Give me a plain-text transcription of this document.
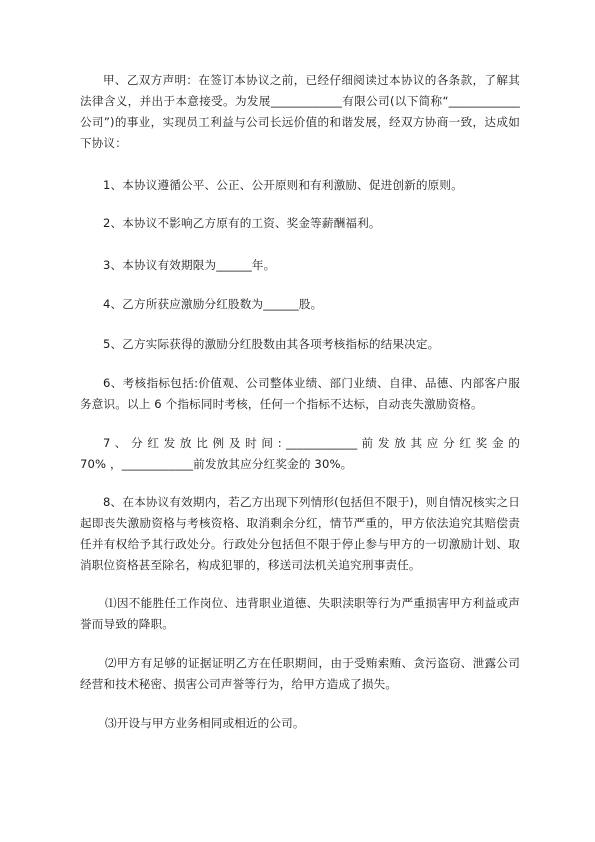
甲、乙双方声明：在签订本协议之前，已经仔细阅读过本协议的各条款，了解其法律含义，并出于本意接受。为发展____________有限公司(以下简称“____________公司”)的事业，实现员工利益与公司长远价值的和谐发展，经双方协商一致，达成如下协议：

1、本协议遵循公平、公正、公开原则和有利激励、促进创新的原则。

2、本协议不影响乙方原有的工资、奖金等薪酬福利。

3、本协议有效期限为______年。

4、乙方所获应激励分红股数为______股。

5、乙方实际获得的激励分红股数由其各项考核指标的结果决定。

6、考核指标包括:价值观、公司整体业绩、部门业绩、自律、品德、内部客户服务意识。以上 6 个指标同时考核，任何一个指标不达标，自动丧失激励资格。

7 、 分 红 发 放 比 例 及 时 间 : ____________ 前 发 放 其 应 分 红 奖 金 的 70% ，____________前发放其应分红奖金的 30%。

8、在本协议有效期内，若乙方出现下列情形(包括但不限于)，则自情况核实之日起即丧失激励资格与考核资格、取消剩余分红，情节严重的，甲方依法追究其赔偿责任并有权给予其行政处分。行政处分包括但不限于停止参与甲方的一切激励计划、取消职位资格甚至除名，构成犯罪的，移送司法机关追究刑事责任。

⑴因不能胜任工作岗位、违背职业道德、失职渎职等行为严重损害甲方利益或声誉而导致的降职。

⑵甲方有足够的证据证明乙方在任职期间，由于受贿索贿、贪污盗窃、泄露公司经营和技术秘密、损害公司声誉等行为，给甲方造成了损失。

⑶开设与甲方业务相同或相近的公司。
